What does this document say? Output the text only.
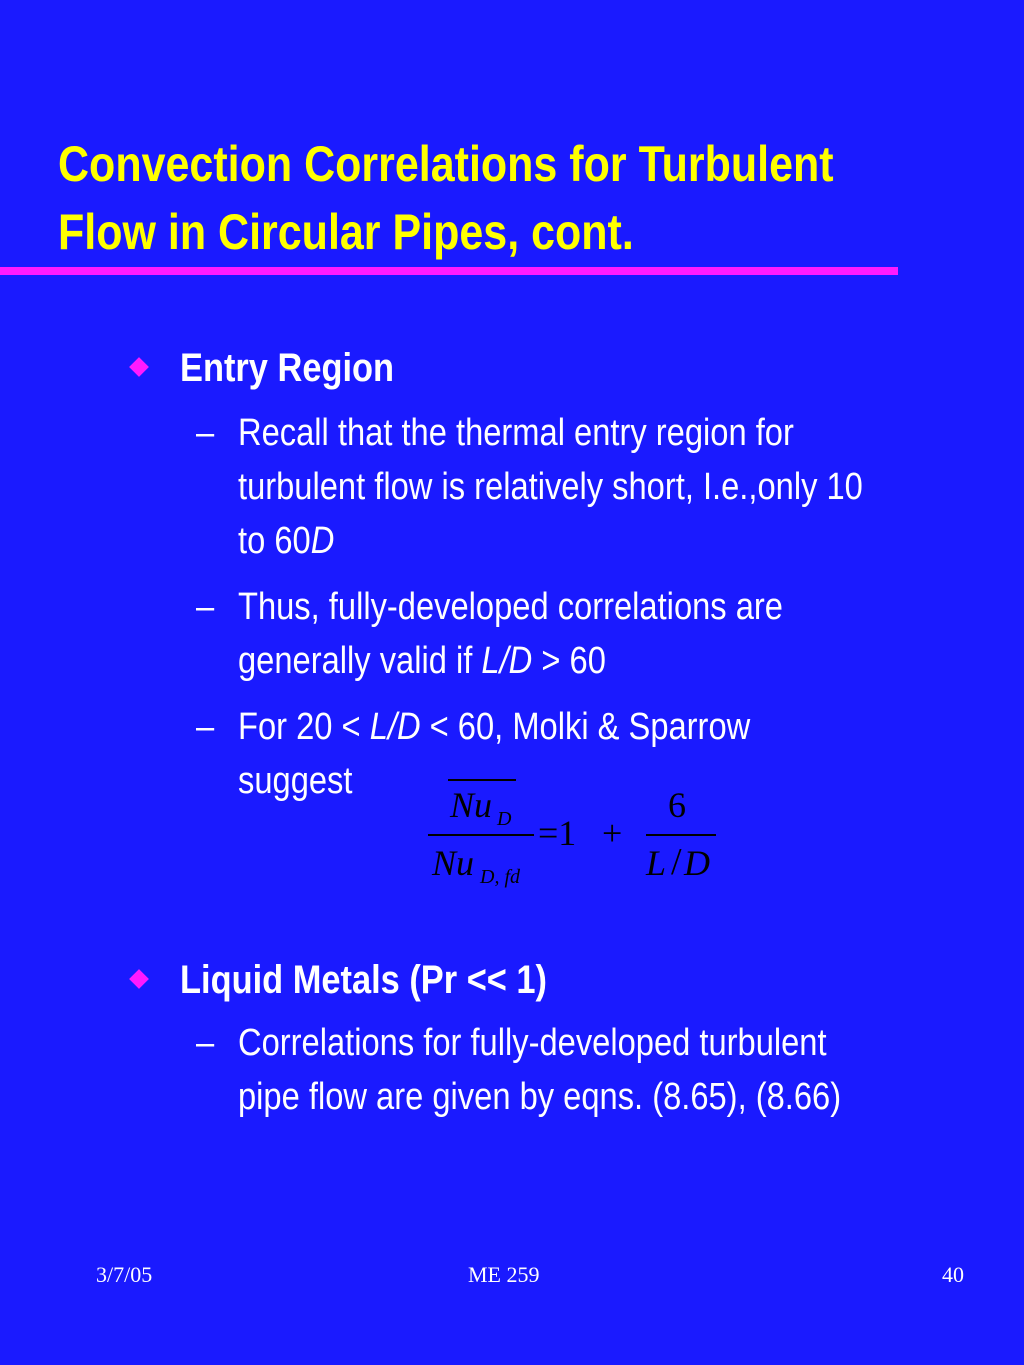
Convection Correlations for Turbulent
Flow in Circular Pipes, cont.
Entry Region
– Recall that the thermal entry region for
turbulent flow is relatively short, I.e.,only 10
to 60D
– Thus, fully-developed correlations are
generally valid if L/D > 60
– For 20 < L/D < 60, Molki & Sparrow
suggest
Nu D
Nu D, fd
=1 +
6
L / D
Liquid Metals (Pr << 1)
– Correlations for fully-developed turbulent
pipe flow are given by eqns. (8.65), (8.66)
3/7/05	ME 259	40
